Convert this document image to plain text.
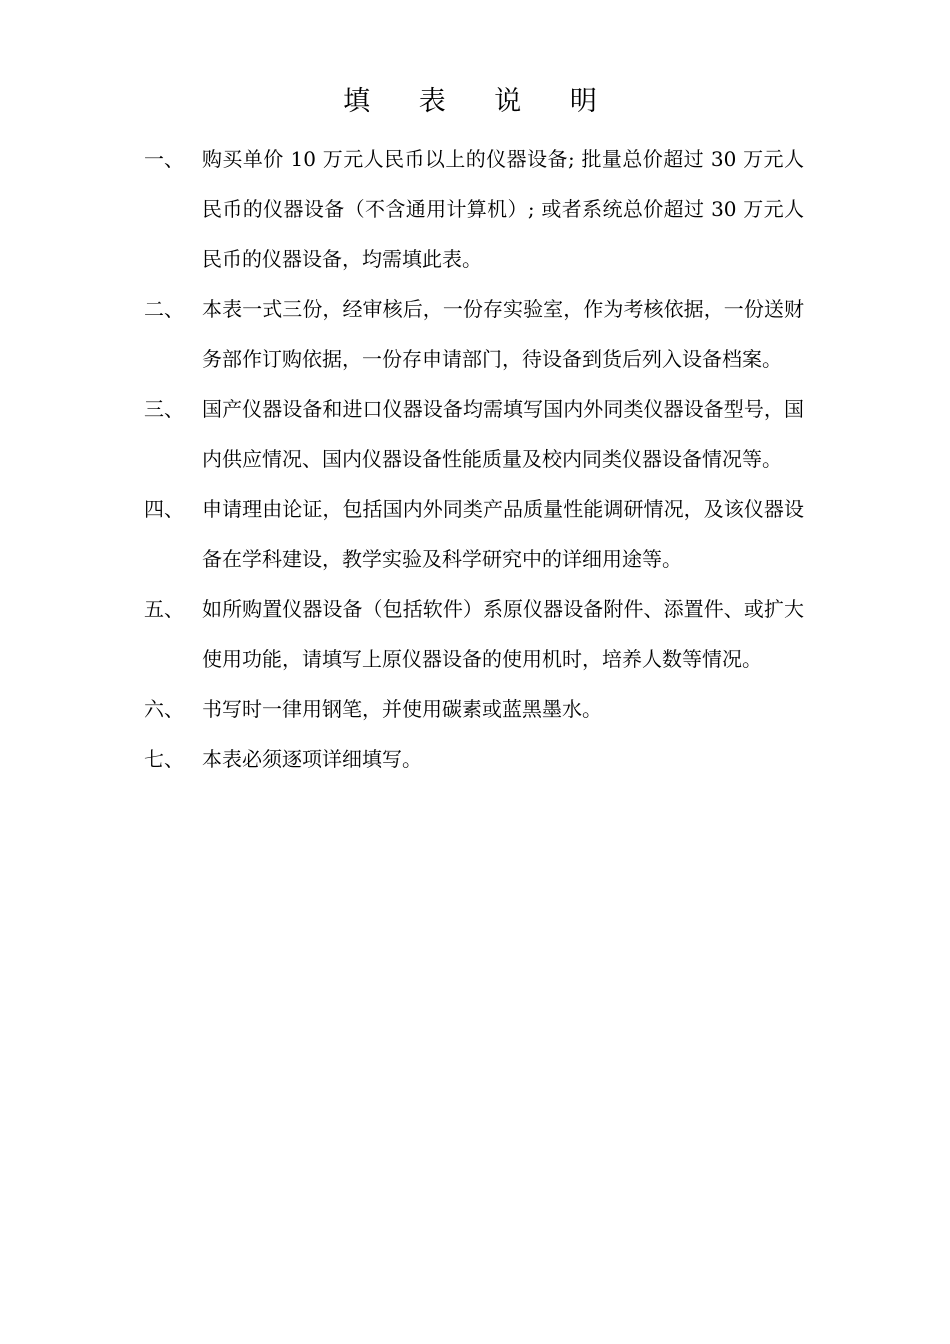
填 表 说 明
一、 购买单价 10 万元人民币以上的仪器设备; 批量总价超过 30 万元人民币的仪器设备（不含通用计算机）; 或者系统总价超过 30 万元人民币的仪器设备，均需填此表。
二、 本表一式三份，经审核后，一份存实验室，作为考核依据，一份送财务部作订购依据，一份存申请部门，待设备到货后列入设备档案。
三、 国产仪器设备和进口仪器设备均需填写国内外同类仪器设备型号，国内供应情况、国内仪器设备性能质量及校内同类仪器设备情况等。
四、 申请理由论证，包括国内外同类产品质量性能调研情况，及该仪器设备在学科建设，教学实验及科学研究中的详细用途等。
五、 如所购置仪器设备（包括软件）系原仪器设备附件、添置件、或扩大使用功能，请填写上原仪器设备的使用机时，培养人数等情况。
六、 书写时一律用钢笔，并使用碳素或蓝黑墨水。
七、 本表必须逐项详细填写。
